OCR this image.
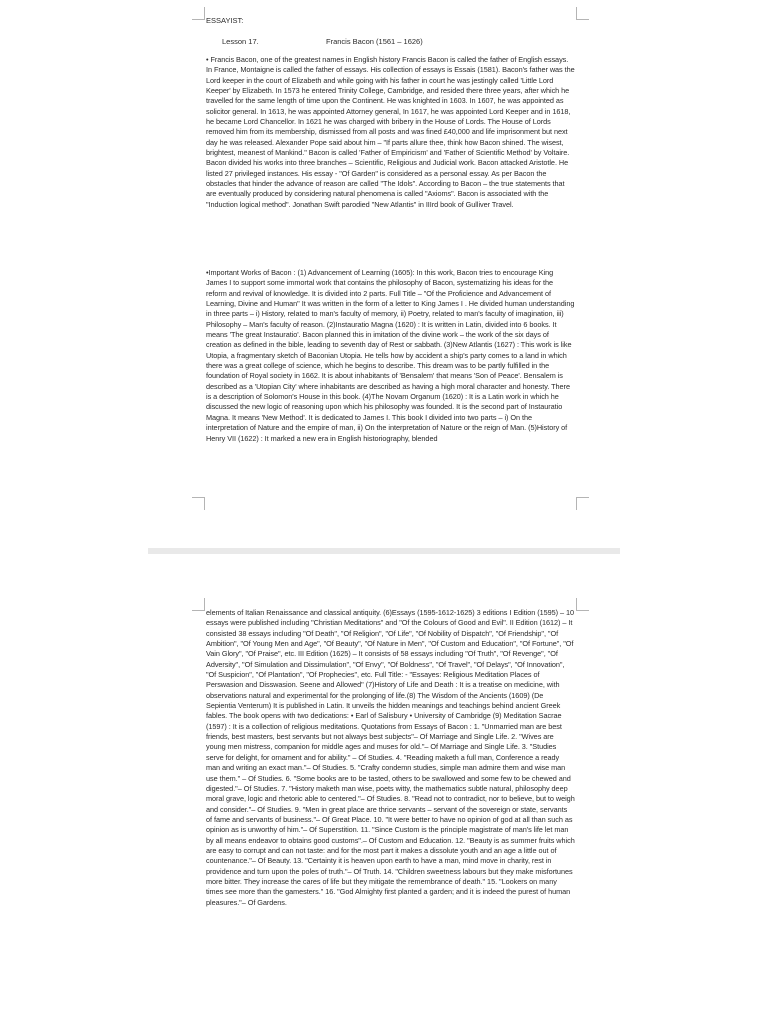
ESSAYIST:

Lesson 17.	Francis Bacon (1561 – 1626)

• Francis Bacon, one of the greatest names in English history Francis Bacon is called the father of English essays. In France, Montaigne is called the father of essays. His collection of essays is Essais (1581). Bacon's father was the Lord keeper in the court of Elizabeth and while going with his father in court he was jestingly called 'Little Lord Keeper' by Elizabeth. In 1573 he entered Trinity College, Cambridge, and resided there three years, after which he travelled for the same length of time upon the Continent. He was knighted in 1603. In 1607, he was appointed as solicitor general. In 1613, he was appointed Attorney general, In 1617, he was appointed Lord Keeper and in 1618, he became Lord Chancellor. In 1621 he was charged with bribery in the House of Lords. The House of Lords removed him from its membership, dismissed from all posts and was fined £40,000 and life imprisonment but next day he was released. Alexander Pope said about him – "If parts allure thee, think how Bacon shined. The wisest, brightest, meanest of Mankind." Bacon is called 'Father of Empiricism' and 'Father of Scientific Method' by Voltaire. Bacon divided his works into three branches – Scientific, Religious and Judicial work. Bacon attacked Aristotle. He listed 27 privileged instances. His essay - "Of Garden" is considered as a personal essay. As per Bacon the obstacles that hinder the advance of reason are called "The Idols". According to Bacon – the true statements that are eventually produced by considering natural phenomena is called "Axioms". Bacon is associated with the "Induction logical method". Jonathan Swift parodied "New Atlantis" in IIIrd book of Gulliver Travel.

•Important Works of Bacon : (1) Advancement of Learning (1605): In this work, Bacon tries to encourage King James I to support some immortal work that contains the philosophy of Bacon, systematizing his ideas for the reform and revival of knowledge. It is divided into 2 parts. Full Title – "Of the Proficience and Advancement of Learning, Divine and Human" It was written in the form of a letter to King James I . He divided human understanding in three parts – i) History, related to man's faculty of memory, ii) Poetry, related to man's faculty of imagination, iii) Philosophy – Man's faculty of reason. (2)Instauratio Magna (1620) : It is written in Latin, divided into 6 books. It means 'The great Instauratio'. Bacon planned this in imitation of the divine work – the work of the six days of creation as defined in the bible, leading to seventh day of Rest or sabbath. (3)New Atlantis (1627) : This work is like Utopia, a fragmentary sketch of Baconian Utopia. He tells how by accident a ship's party comes to a land in which there was a great college of science, which he begins to describe. This dream was to be partly fulfilled in the foundation of Royal society in 1662. It is about inhabitants of 'Bensalem' that means 'Son of Peace'. Bensalem is described as a 'Utopian City' where inhabitants are described as having a high moral character and honesty. There is a description of Solomon's House in this book. (4)The Novam Organum (1620) : It is a Latin work in which he discussed the new logic of reasoning upon which his philosophy was founded. It is the second part of Instauratio Magna. It means 'New Method'. It is dedicated to James I. This book I divided into two parts – i) On the interpretation of Nature and the empire of man, ii) On the interpretation of Nature or the reign of Man. (5)History of Henry VII (1622) : It marked a new era in English historiography, blended

elements of Italian Renaissance and classical antiquity. (6)Essays (1595-1612-1625) 3 editions I Edition (1595) – 10 essays were published including "Christian Meditations" and "Of the Colours of Good and Evil". II Edition (1612) – It consisted 38 essays including "Of Death", "Of Religion", "Of Life", "Of Nobility of Dispatch", "Of Friendship", "Of Ambition", "Of Young Men and Age", "Of Beauty", "Of Nature in Men", "Of Custom and Education", "Of Fortune", "Of Vain Glory", "Of Praise", etc. III Edition (1625) – It consists of 58 essays including "Of Truth", "Of Revenge", "Of Adversity", "Of Simulation and Dissimulation", "Of Envy", "Of Boldness", "Of Travel", "Of Delays", "Of Innovation", "Of Suspicion", "Of Plantation", "Of Prophecies", etc. Full Title: - "Essayes: Religious Meditation Places of Perswasion and Disswasion. Seene and Allowed" (7)History of Life and Death : It is a treatise on medicine, with observations natural and experimental for the prolonging of life.(8) The Wisdom of the Ancients (1609) (De Sepientia Venterum) It is published in Latin. It unveils the hidden meanings and teachings behind ancient Greek fables. The book opens with two dedications: • Earl of Salisbury • University of Cambridge (9) Meditation Sacrae (1597) : It is a collection of religious meditations. Quotations from Essays of Bacon : 1. "Unmarried man are best friends, best masters, best servants but not always best subjects"– Of Marriage and Single Life. 2. "Wives are young men mistress, companion for middle ages and muses for old."– Of Marriage and Single Life. 3. "Studies serve for delight, for ornament and for ability." – Of Studies. 4. "Reading maketh a full man, Conference a ready man and writing an exact man."– Of Studies. 5. "Crafty condemn studies, simple man admire them and wise man use them." – Of Studies. 6. "Some books are to be tasted, others to be swallowed and some few to be chewed and digested."– Of Studies. 7. "History maketh man wise, poets witty, the mathematics subtle natural, philosophy deep moral grave, logic and rhetoric able to centered."– Of Studies. 8. "Read not to contradict, nor to believe, but to weigh and consider."– Of Studies. 9. "Men in great place are thrice servants – servant of the sovereign or state, servants of fame and servants of business."– Of Great Place. 10. "It were better to have no opinion of god at all than such as opinion as is unworthy of him."– Of Superstition. 11. "Since Custom is the principle magistrate of man's life let man by all means endeavor to obtains good customs".– Of Custom and Education. 12. "Beauty is as summer fruits which are easy to corrupt and can not taste: and for the most part it makes a dissolute youth and an age a little out of countenance."– Of Beauty. 13. "Certainty it is heaven upon earth to have a man, mind move in charity, rest in providence and turn upon the poles of truth."– Of Truth. 14. "Children sweetness labours but they make misfortunes more bitter. They increase the cares of life but they mitigate the remembrance of death." 15. "Lookers on many times see more than the gamesters." 16. "God Almighty first planted a garden; and it is indeed the purest of human pleasures."– Of Gardens.
